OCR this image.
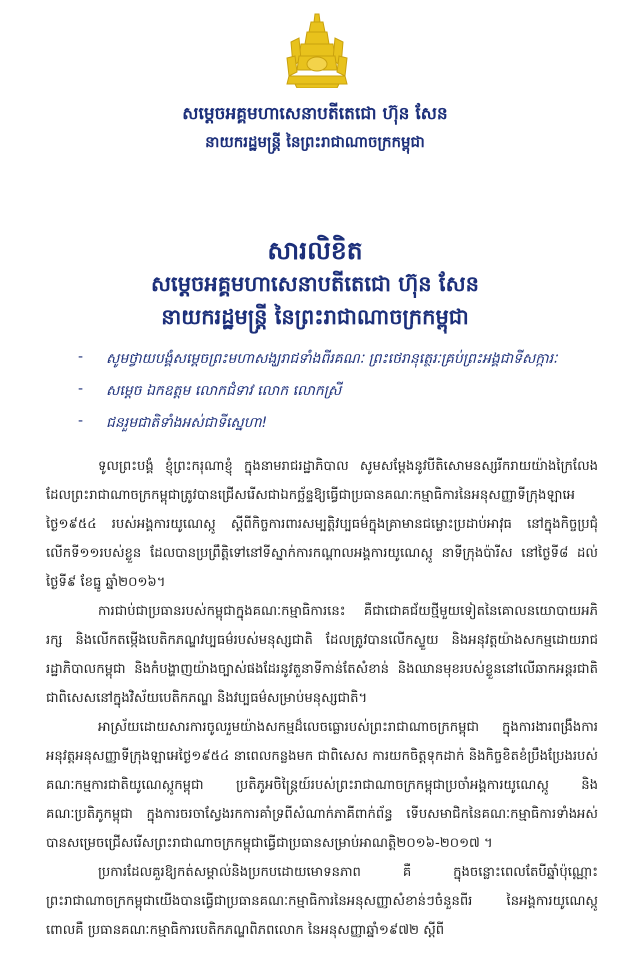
សម្ដេចអគ្គមហាសេនាបតីតេជោ ហ៊ុន សែន
នាយករដ្ឋមន្ត្រី នៃព្រះរាជាណាចក្រកម្ពុជា
សារលិខិត
សម្ដេចអគ្គមហាសេនាបតីតេជោ ហ៊ុន សែន
នាយករដ្ឋមន្ត្រី នៃព្រះរាជាណាចក្រកម្ពុជា
-	សូមថ្វាយបង្គំសម្ដេចព្រះមហាសង្ឃរាជទាំងពីរគណៈ ព្រះថេរានុត្ថេរៈគ្រប់ព្រះអង្គជាទីសក្ការៈ
-	សម្ដេច ឯកឧត្ដម លោកជំទាវ លោក លោកស្រី
-	ជនរួមជាតិទាំងអស់ជាទីស្នេហា!

ទូលព្រះបង្គំ ខ្ញុំព្រះករុណាខ្ញុំ ក្នុងនាមរាជរដ្ឋាភិបាល សូមសម្ដែងនូវបីតិសោមនស្សរីករាយយ៉ាងក្រៃលែង ដែលព្រះរាជាណាចក្រកម្ពុជាត្រូវបានជ្រើសរើសជាឯកច្ឆ័ន្ទឱ្យធ្វើជាប្រធានគណៈកម្មាធិការនៃអនុសញ្ញាទីក្រុងឡាអេថ្ងៃ១៩៥៤ របស់អង្គការយូណេស្កូ ស្ដីពីកិច្ចការពារសម្បត្តិវប្បធម៌ក្នុងគ្រាមានជម្លោះប្រដាប់អាវុធ នៅក្នុងកិច្ចប្រជុំលើកទី១១របស់ខ្លួន ដែលបានប្រព្រឹត្តិទៅនៅទីស្នាក់ការកណ្ដាលអង្គការយូណេស្កូ នាទីក្រុងប៉ារីស នៅថ្ងៃទី៨ ដល់ថ្ងៃទី៩ ខែធ្នូ ឆ្នាំ២០១៦។

ការជាប់ជាប្រធានរបស់កម្ពុជាក្នុងគណៈកម្មាធិការនេះ គឺជាជោគជ័យថ្មីមួយទៀតនៃគោលនយោបាយអភិរក្ស និងលើកតម្កើងបេតិកភណ្ឌវប្បធម៌របស់មនុស្សជាតិ ដែលត្រូវបានលើកស្ទួយ និងអនុវត្តយ៉ាងសកម្មដោយរាជរដ្ឋាភិបាលកម្ពុជា និងកំបង្ហាញយ៉ាងច្បាស់ផងដែរនូវតួនាទីកាន់តែសំខាន់ និងឈានមុខរបស់ខ្លួននៅលើឆាកអន្តរជាតិ ជាពិសេសនៅក្នុងវិស័យបេតិកភណ្ឌ និងវប្បធម៌សម្រាប់មនុស្សជាតិ។

អាស្រ័យដោយសារការចូលរួមយ៉ាងសកម្មដ៏លេចធ្លោរបស់ព្រះរាជាណាចក្រកម្ពុជា ក្នុងការងារពង្រឹងការអនុវត្តអនុសញ្ញាទីក្រុងឡាអេថ្ងៃ១៩៥៤ នាពេលកន្លងមក ជាពិសេស ការយកចិត្តទុកដាក់ និងកិច្ចខិតខំប្រឹងប្រែងរបស់គណៈកម្មការជាតិយូណេស្កូកម្ពុជា ប្រតិភូអចិន្ត្រៃយ៍របស់ព្រះរាជាណាចក្រកម្ពុជាប្រចាំអង្គការយូណេស្កូ និងគណៈប្រតិភូកម្ពុជា ក្នុងការចរចាស្វែងរកការគាំទ្រពីសំណាក់ភាគីពាក់ព័ន្ធ ទើបសមាជិកនៃគណៈកម្មាធិការទាំងអស់បានសម្រេចជ្រើសរើសព្រះរាជាណាចក្រកម្ពុជាធ្វើជាប្រធានសម្រាប់អាណត្តិ២០១៦-២០១៧ ។

ប្រការដែលគួរឱ្យកត់សម្គាល់និងប្រកបដោយមោទនភាព គឺ ក្នុងចន្លោះពេលតែបីឆ្នាំប៉ុណ្ណោះ ព្រះរាជាណាចក្រកម្ពុជាយើងបានធ្វើជាប្រធានគណៈកម្មាធិការនៃអនុសញ្ញាសំខាន់ៗចំនួនពីរ នៃអង្គការយូណេស្កូ ពោលគឺ ប្រធានគណៈកម្មាធិការបេតិកភណ្ឌពិភពលោក នៃអនុសញ្ញាឆ្នាំ១៩៧២ ស្ដីពី
